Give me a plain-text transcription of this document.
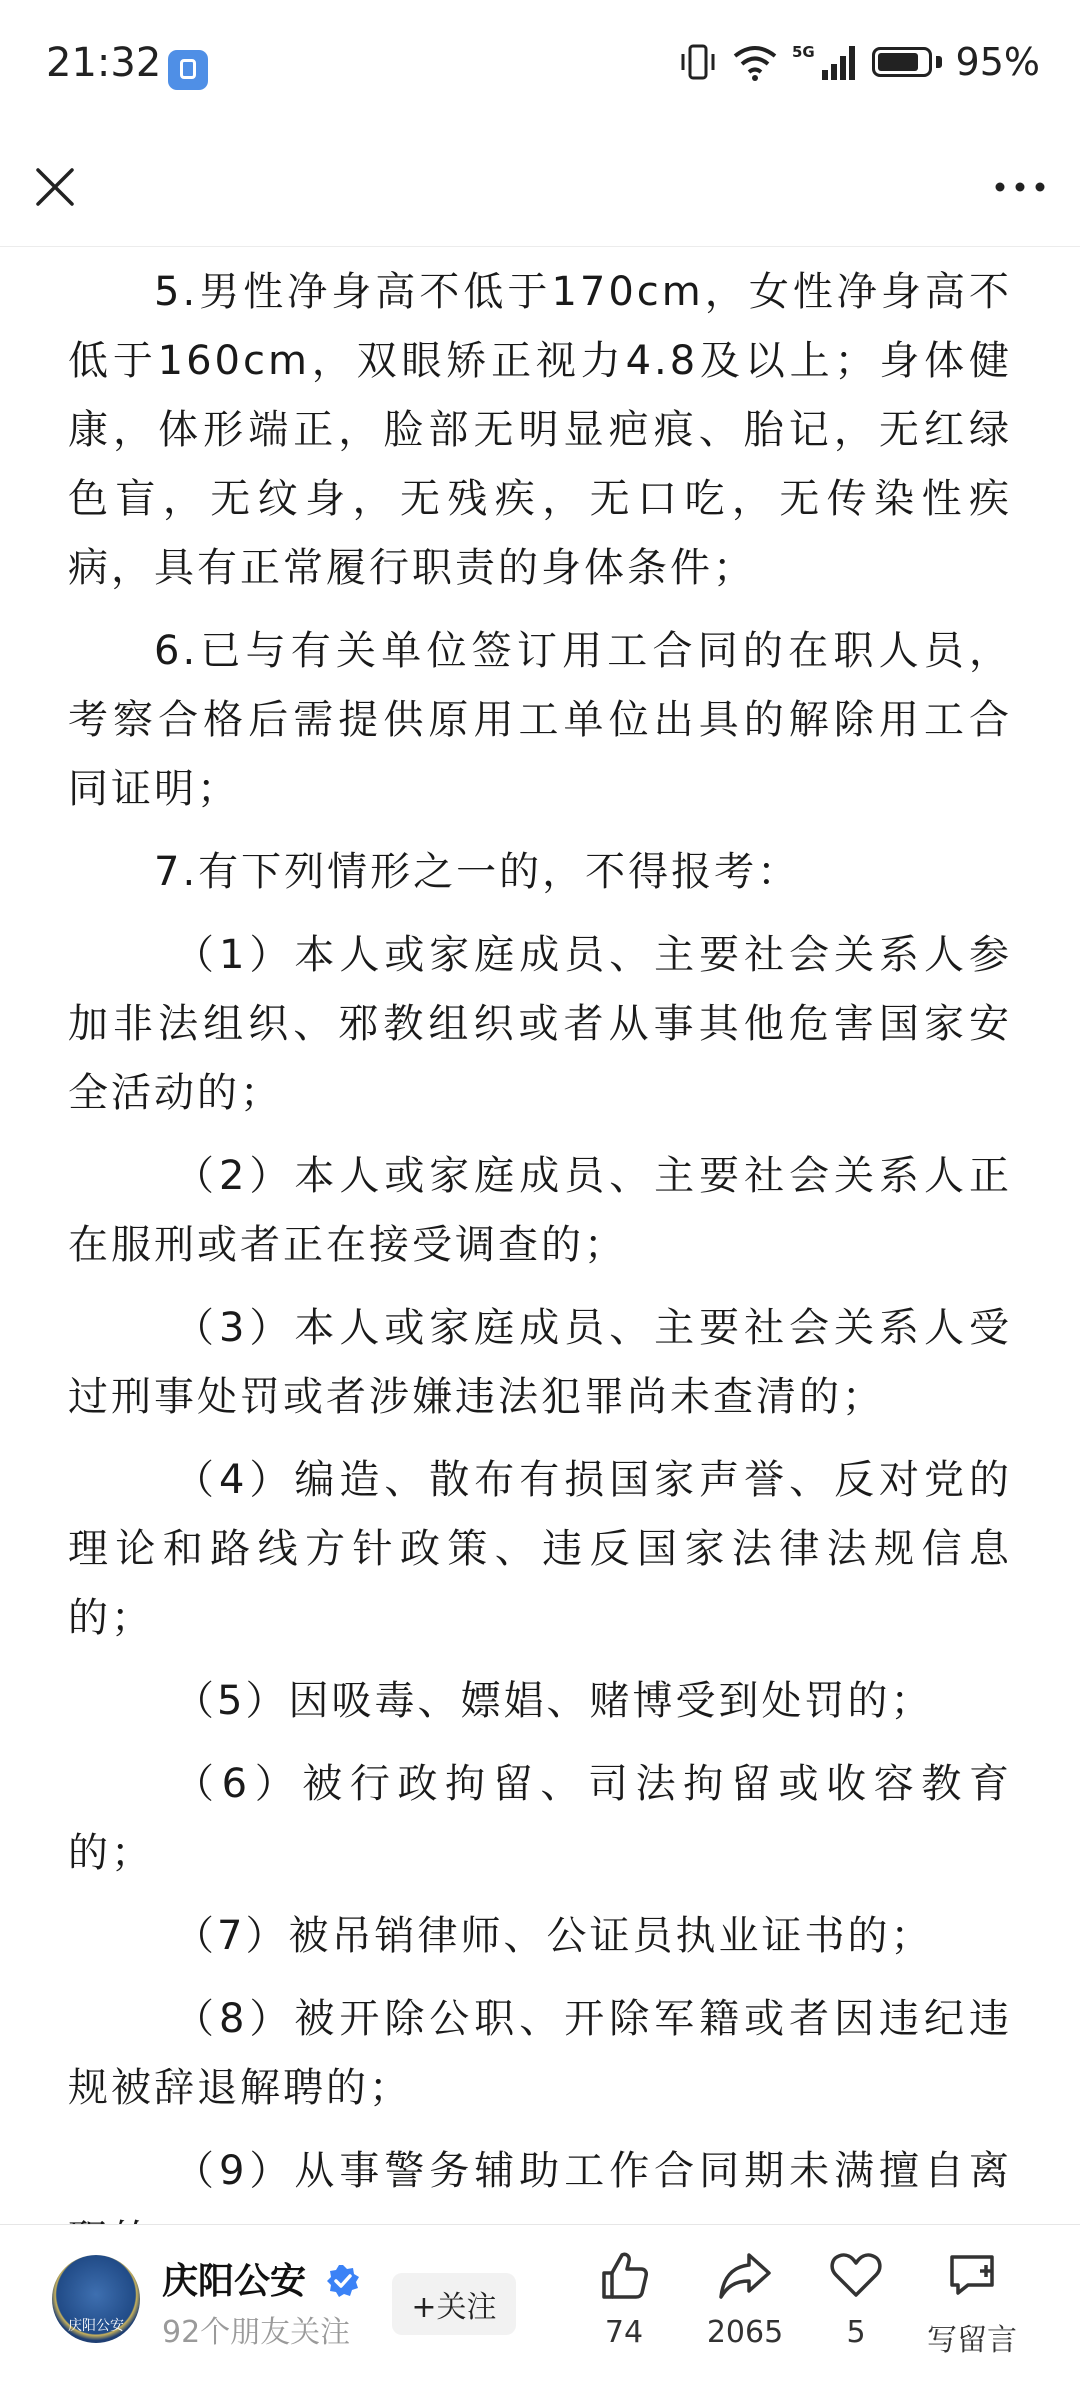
21:32	5G	95%

5.男性净身高不低于170cm，女性净身高不低于160cm，双眼矫正视力4.8及以上；身体健康，体形端正，脸部无明显疤痕、胎记，无红绿色盲，无纹身，无残疾，无口吃，无传染性疾病，具有正常履行职责的身体条件；

6.已与有关单位签订用工合同的在职人员，考察合格后需提供原用工单位出具的解除用工合同证明；

7.有下列情形之一的，不得报考：

（1）本人或家庭成员、主要社会关系人参加非法组织、邪教组织或者从事其他危害国家安全活动的；

（2）本人或家庭成员、主要社会关系人正在服刑或者正在接受调查的；

（3）本人或家庭成员、主要社会关系人受过刑事处罚或者涉嫌违法犯罪尚未查清的；

（4）编造、散布有损国家声誉、反对党的理论和路线方针政策、违反国家法律法规信息的；

（5）因吸毒、嫖娼、赌博受到处罚的；

（6）被行政拘留、司法拘留或收容教育的；

（7）被吊销律师、公证员执业证书的；

（8）被开除公职、开除军籍或者因违纪违规被辞退解聘的；

（9）从事警务辅助工作合同期未满擅自离

庆阳公安
庆阳公安
92个朋友关注
+关注
74	2065	5	写留言
